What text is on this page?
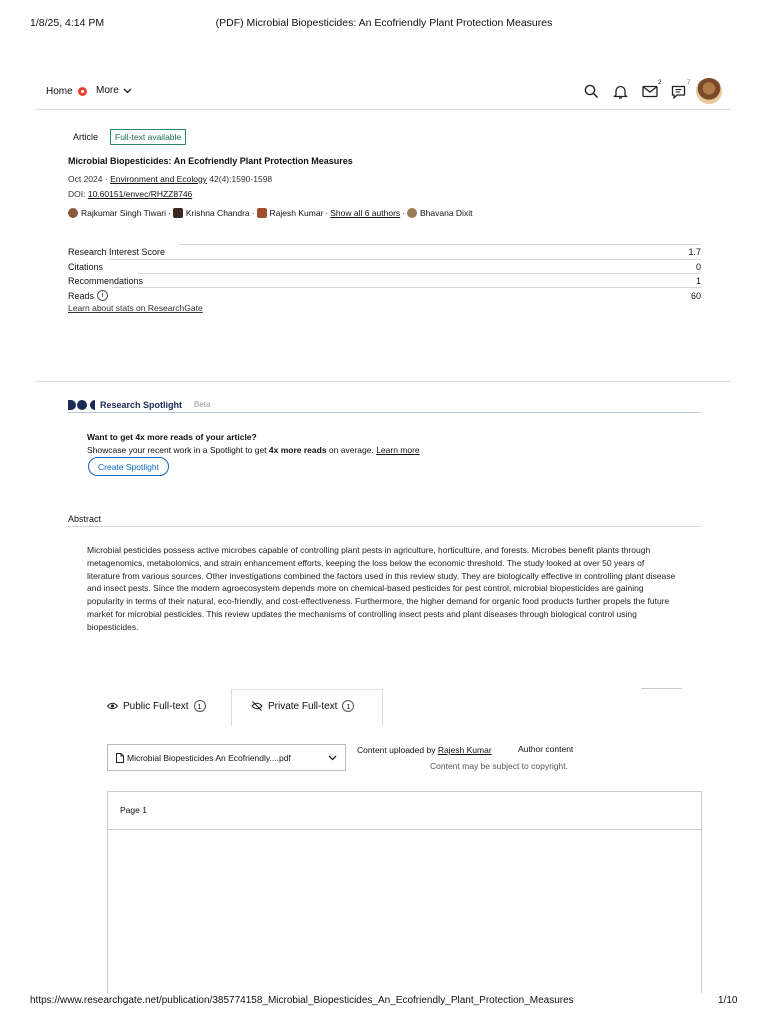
1/8/25, 4:14 PM	(PDF) Microbial Biopesticides: An Ecofriendly Plant Protection Measures
Home More
2	7
Article	Full-text available
Microbial Biopesticides: An Ecofriendly Plant Protection Measures
Oct 2024 · Environment and Ecology 42(4):1590-1598
DOI: 10.60151/envec/RHZZ8746
Rajkumar Singh Tiwari · Krishna Chandra · Rajesh Kumar · Show all 6 authors · Bhavana Dixit
Research Interest Score	1.7
Citations	0
Recommendations	1
Reads	i	60
Learn about stats on ResearchGate
Research Spotlight Beta
Want to get 4x more reads of your article?
Showcase your recent work in a Spotlight to get 4x more reads on average. Learn more
Create Spotlight
Abstract
Microbial pesticides possess active microbes capable of controlling plant pests in agriculture, horticulture, and forests. Microbes benefit plants through metagenomics, metabolomics, and strain enhancement efforts, keeping the loss below the economic threshold. The study looked at over 50 years of literature from various sources. Other investigations combined the factors used in this review study. They are biologically effective in controlling plant disease and insect pests. Since the modern agroecosystem depends more on chemical-based pesticides for pest control, microbial biopesticides are gaining popularity in terms of their natural, eco-friendly, and cost-effectiveness. Furthermore, the higher demand for organic food products further propels the future market for microbial pesticides. This review updates the mechanisms of controlling insect pests and plant diseases through biological control using biopesticides.
Public Full-text	1	Private Full-text	1
Microbial Biopesticides An Ecofriendly....pdf
Content uploaded by Rajesh Kumar	Author content
Content may be subject to copyright.
Page 1
https://www.researchgate.net/publication/385774158_Microbial_Biopesticides_An_Ecofriendly_Plant_Protection_Measures	1/10
